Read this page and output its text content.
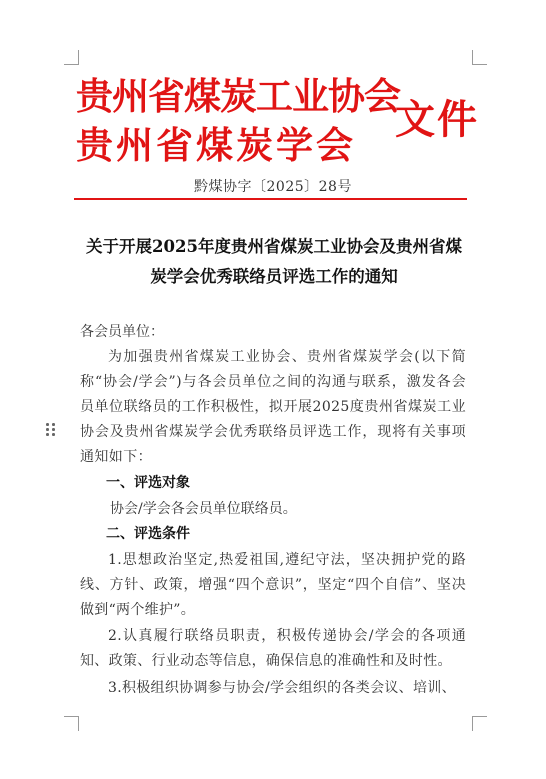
贵州省煤炭工业协会
贵州省煤炭学会
文件
黔煤协字〔2025〕28号
关于开展2025年度贵州省煤炭工业协会及贵州省煤炭学会优秀联络员评选工作的通知
各会员单位：
为加强贵州省煤炭工业协会、贵州省煤炭学会(以下简称“协会/学会”)与各会员单位之间的沟通与联系，激发各会员单位联络员的工作积极性，拟开展2025度贵州省煤炭工业协会及贵州省煤炭学会优秀联络员评选工作，现将有关事项通知如下：
一、评选对象
协会/学会各会员单位联络员。
二、评选条件
1.思想政治坚定,热爱祖国,遵纪守法，坚决拥护党的路线、方针、政策，增强“四个意识”，坚定“四个自信”、坚决做到“两个维护”。
2.认真履行联络员职责，积极传递协会/学会的各项通知、政策、行业动态等信息，确保信息的准确性和及时性。
3.积极组织协调参与协会/学会组织的各类会议、培训、
